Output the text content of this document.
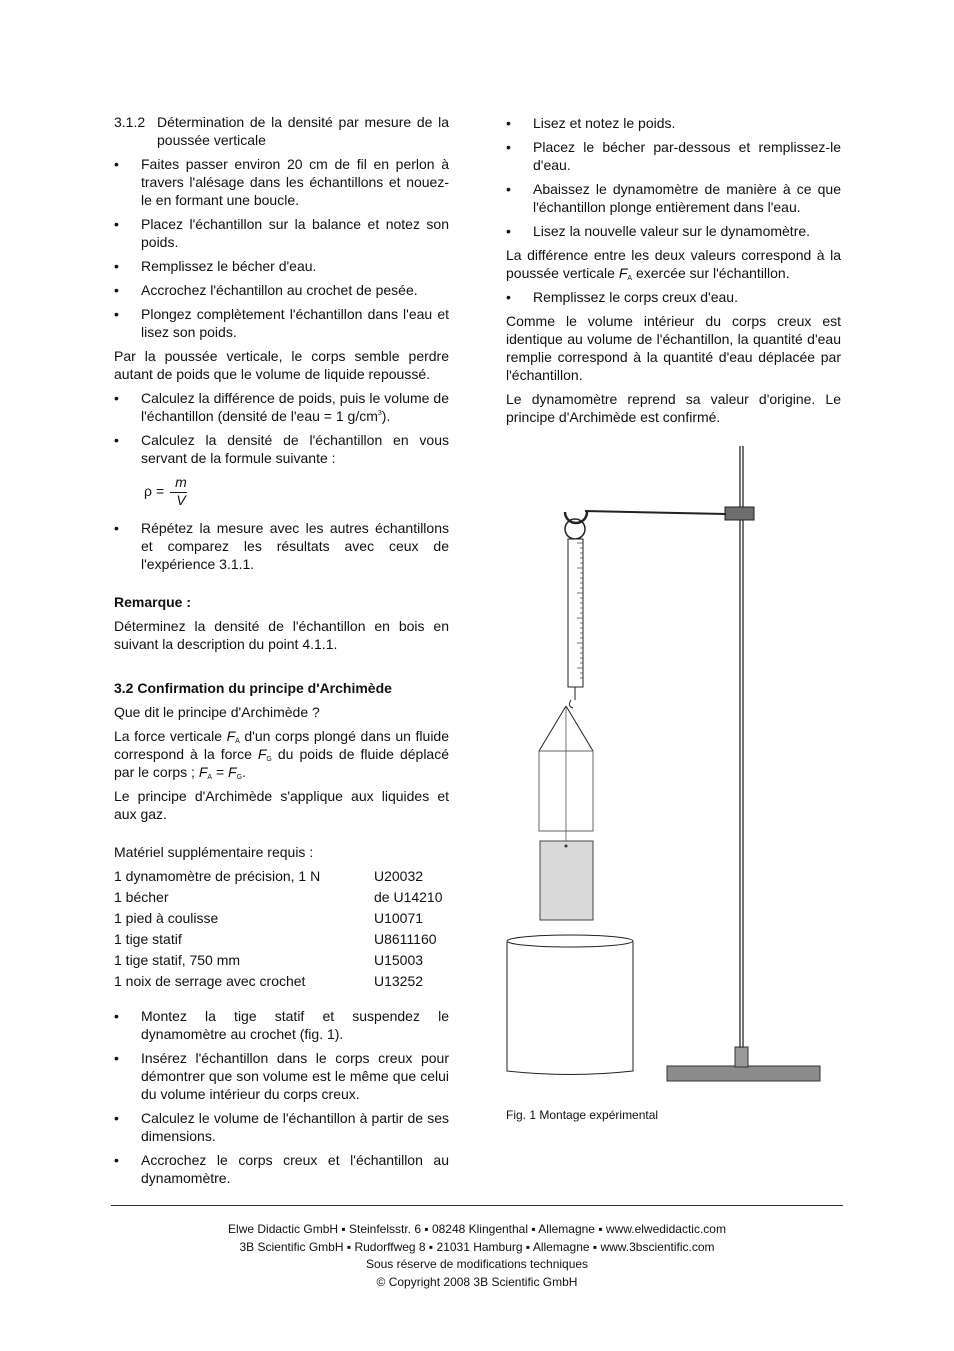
3.1.2 Détermination de la densité par mesure de la poussée verticale
• Faites passer environ 20 cm de fil en perlon à travers l'alésage dans les échantillons et nouez-le en formant une boucle.
• Placez l'échantillon sur la balance et notez son poids.
• Remplissez le bécher d'eau.
• Accrochez l'échantillon au crochet de pesée.
• Plongez complètement l'échantillon dans l'eau et lisez son poids.

Par la poussée verticale, le corps semble perdre autant de poids que le volume de liquide repoussé.

• Calculez la différence de poids, puis le volume de l'échantillon (densité de l'eau = 1 $g/cm^3$).
• Calculez la densité de l'échantillon en vous servant de la formule suivante :
ρ =
m
V
• Répétez la mesure avec les autres échantillons et comparez les résultats avec ceux de l'expérience 3.1.1.

Remarque :

Déterminez la densité de l'échantillon en bois en suivant la description du point 4.1.1.

3.2 Confirmation du principe d'Archimède

Que dit le principe d'Archimède ?

La force verticale $F_A$ d'un corps plongé dans un fluide correspond à la force $F_G$ du poids de fluide déplacé par le corps ; $F_A = F_G$.

Le principe d'Archimède s'applique aux liquides et aux gaz.

Matériel supplémentaire requis :

1 dynamomètre de précision, 1 N	U20032
1 bécher	de U14210
1 pied à coulisse	U10071
1 tige statif	U8611160
1 tige statif, 750 mm	U15003
1 noix de serrage avec crochet	U13252
• Montez la tige statif et suspendez le dynamomètre au crochet (fig. 1).
• Insérez l'échantillon dans le corps creux pour démontrer que son volume est le même que celui du volume intérieur du corps creux.
• Calculez le volume de l'échantillon à partir de ses dimensions.
• Accrochez le corps creux et l'échantillon au dynamomètre.
• Lisez et notez le poids.
• Placez le bécher par-dessous et remplissez-le d'eau.
• Abaissez le dynamomètre de manière à ce que l'échantillon plonge entièrement dans l'eau.
• Lisez la nouvelle valeur sur le dynamomètre.

La différence entre les deux valeurs correspond à la poussée verticale $F_A$ exercée sur l'échantillon.

• Remplissez le corps creux d'eau.

Comme le volume intérieur du corps creux est identique au volume de l'échantillon, la quantité d'eau remplie correspond à la quantité d'eau déplacée par l'échantillon.

Le dynamomètre reprend sa valeur d'origine. Le principe d'Archimède est confirmé.

Fig. 1 Montage expérimental
Elwe Didactic GmbH ▪ Steinfelsstr. 6 ▪ 08248 Klingenthal ▪ Allemagne ▪ www.elwedidactic.com
3B Scientific GmbH ▪ Rudorffweg 8 ▪ 21031 Hamburg ▪ Allemagne ▪ www.3bscientific.com
Sous réserve de modifications techniques
© Copyright 2008 3B Scientific GmbH
